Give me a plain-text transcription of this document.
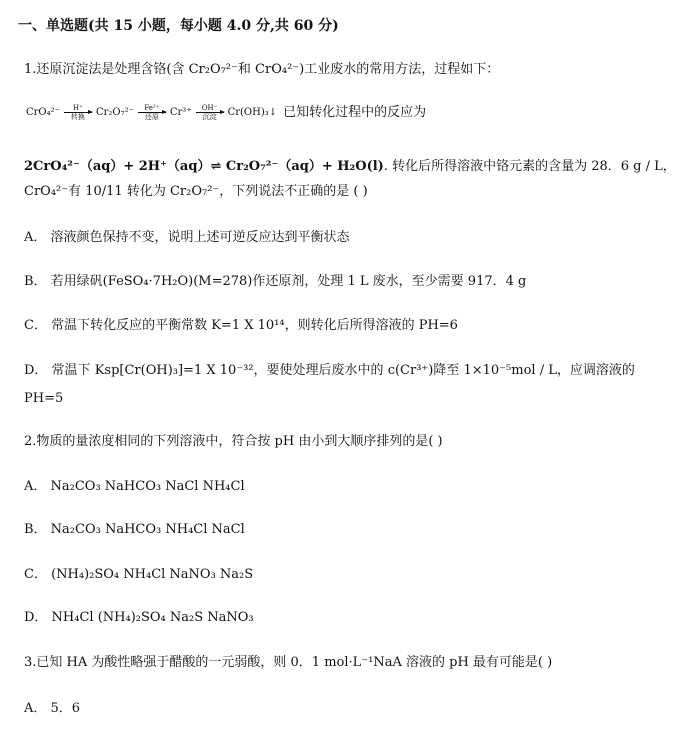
一、单选题(共 15 小题，每小题 4.0 分,共 60 分)
1.还原沉淀法是处理含铬(含 Cr₂O₇²⁻和 CrO₄²⁻)工业废水的常用方法，过程如下：
CrO₄²⁻ H⁺
转换 Cr₂O₇²⁻ Fe²⁺
还原 Cr³⁺ OH⁻
沉淀 Cr(OH)₃↓ 已知转化过程中的反应为
2CrO₄²⁻（aq）+ 2H⁺（aq）⇌ Cr₂O₇²⁻（aq）+ H₂O(l). 转化后所得溶液中铬元素的含量为 28．6 g / L，
CrO₄²⁻有 10/11 转化为 Cr₂O₇²⁻，下列说法不正确的是 ( )
A． 溶液颜色保持不变，说明上述可逆反应达到平衡状态
B． 若用绿矾(FeSO₄·7H₂O)(M=278)作还原剂，处理 1 L 废水，至少需要 917．4 g
C． 常温下转化反应的平衡常数 K=1 X 10¹⁴，则转化后所得溶液的 PH=6
D． 常温下 Ksp[Cr(OH)₃]=1 X 10⁻³²，要使处理后废水中的 c(Cr³⁺)降至 1×10⁻⁵mol / L，应调溶液的
PH=5
2.物质的量浓度相同的下列溶液中，符合按 pH 由小到大顺序排列的是( )
A． Na₂CO₃ NaHCO₃ NaCl NH₄Cl
B． Na₂CO₃ NaHCO₃ NH₄Cl NaCl
C． (NH₄)₂SO₄ NH₄Cl NaNO₃ Na₂S
D． NH₄Cl (NH₄)₂SO₄ Na₂S NaNO₃
3.已知 HA 为酸性略强于醋酸的一元弱酸，则 0．1 mol·L⁻¹NaA 溶液的 pH 最有可能是( )
A． 5．6
